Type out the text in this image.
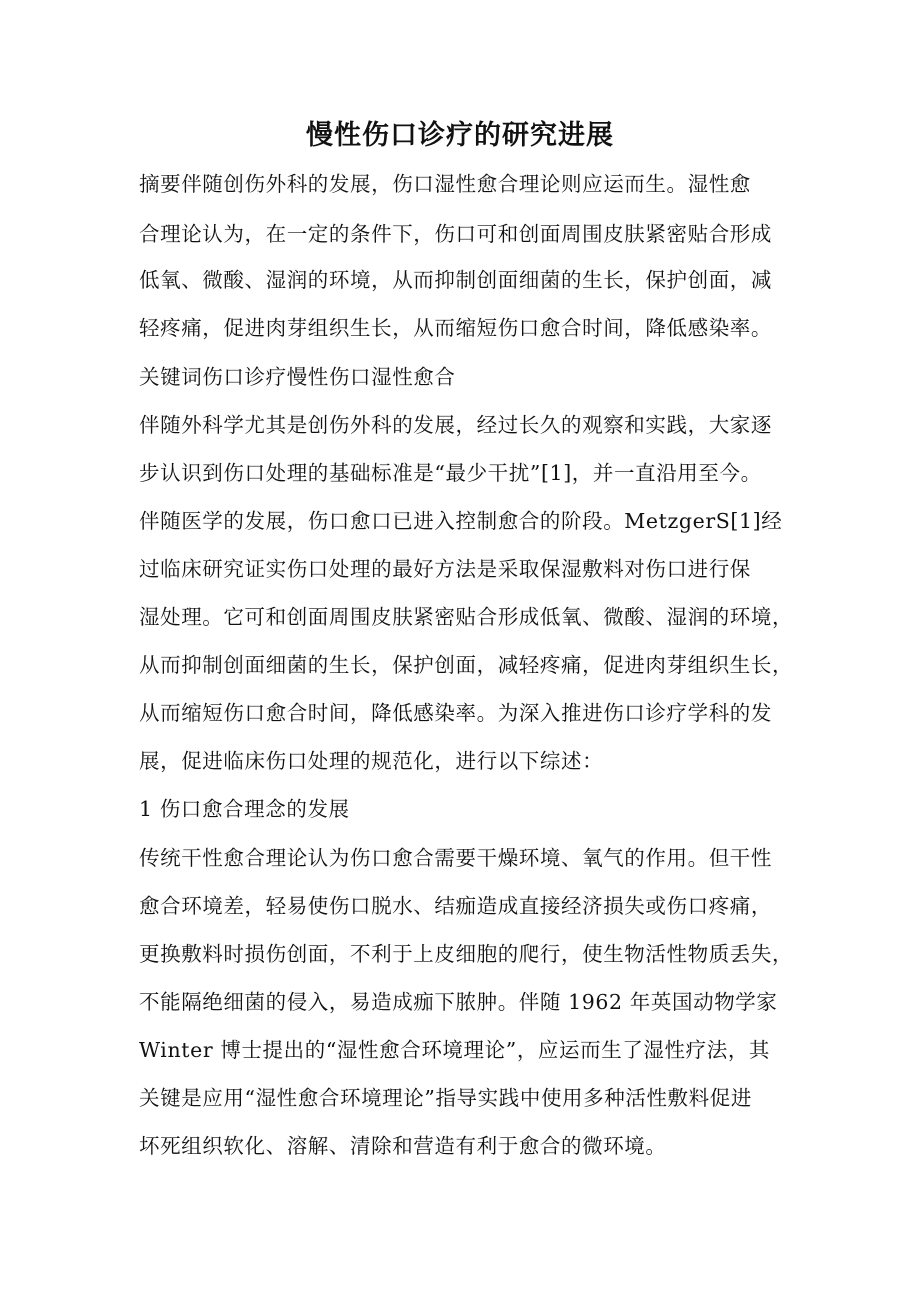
慢性伤口诊疗的研究进展
摘要伴随创伤外科的发展，伤口湿性愈合理论则应运而生。湿性愈
合理论认为，在一定的条件下，伤口可和创面周围皮肤紧密贴合形成
低氧、微酸、湿润的环境，从而抑制创面细菌的生长，保护创面，减
轻疼痛，促进肉芽组织生长，从而缩短伤口愈合时间，降低感染率。
关键词伤口诊疗慢性伤口湿性愈合
伴随外科学尤其是创伤外科的发展，经过长久的观察和实践，大家逐
步认识到伤口处理的基础标准是“最少干扰”[1]，并一直沿用至今。
伴随医学的发展，伤口愈口已进入控制愈合的阶段。MetzgerS[1]经
过临床研究证实伤口处理的最好方法是采取保湿敷料对伤口进行保
湿处理。它可和创面周围皮肤紧密贴合形成低氧、微酸、湿润的环境，
从而抑制创面细菌的生长，保护创面，减轻疼痛，促进肉芽组织生长，
从而缩短伤口愈合时间，降低感染率。为深入推进伤口诊疗学科的发
展，促进临床伤口处理的规范化，进行以下综述：
1 伤口愈合理念的发展
传统干性愈合理论认为伤口愈合需要干燥环境、氧气的作用。但干性
愈合环境差，轻易使伤口脱水、结痂造成直接经济损失或伤口疼痛，
更换敷料时损伤创面，不利于上皮细胞的爬行，使生物活性物质丢失，
不能隔绝细菌的侵入，易造成痂下脓肿。伴随 1962 年英国动物学家
Winter 博士提出的“湿性愈合环境理论”，应运而生了湿性疗法，其
关键是应用“湿性愈合环境理论”指导实践中使用多种活性敷料促进
坏死组织软化、溶解、清除和营造有利于愈合的微环境。
